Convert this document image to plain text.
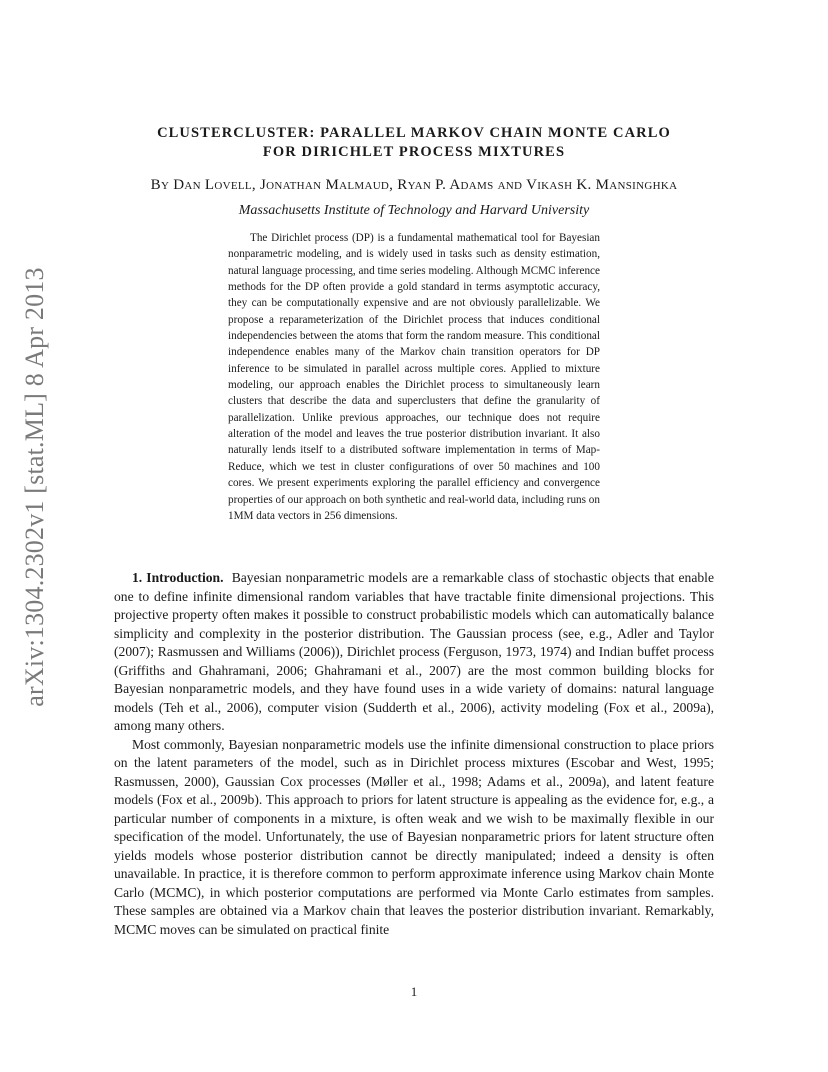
arXiv:1304.2302v1 [stat.ML] 8 Apr 2013
CLUSTERCLUSTER: PARALLEL MARKOV CHAIN MONTE CARLO
FOR DIRICHLET PROCESS MIXTURES
By Dan Lovell, Jonathan Malmaud, Ryan P. Adams and Vikash K. Mansinghka
Massachusetts Institute of Technology and Harvard University

The Dirichlet process (DP) is a fundamental mathematical tool for Bayesian nonparametric modeling, and is widely used in tasks such as density estimation, natural language processing, and time series modeling. Although MCMC inference methods for the DP often provide a gold standard in terms asymptotic accuracy, they can be computationally expensive and are not obviously parallelizable. We propose a reparameterization of the Dirichlet process that induces conditional independencies between the atoms that form the random measure. This conditional independence enables many of the Markov chain transition operators for DP inference to be simulated in parallel across multiple cores. Applied to mixture modeling, our approach enables the Dirichlet process to simultaneously learn clusters that describe the data and superclusters that define the granularity of parallelization. Unlike previous approaches, our technique does not require alteration of the model and leaves the true posterior distribution invariant. It also naturally lends itself to a distributed software implementation in terms of Map-Reduce, which we test in cluster configurations of over 50 machines and 100 cores. We present experiments exploring the parallel efficiency and convergence properties of our approach on both synthetic and real-world data, including runs on 1MM data vectors in 256 dimensions.

1. Introduction. Bayesian nonparametric models are a remarkable class of stochastic objects that enable one to define infinite dimensional random variables that have tractable finite dimensional projections. This projective property often makes it possible to construct probabilistic models which can automatically balance simplicity and complexity in the posterior distribution. The Gaussian process (see, e.g., Adler and Taylor (2007); Rasmussen and Williams (2006)), Dirichlet process (Ferguson, 1973, 1974) and Indian buffet process (Griffiths and Ghahramani, 2006; Ghahramani et al., 2007) are the most common building blocks for Bayesian nonparametric models, and they have found uses in a wide variety of domains: natural language models (Teh et al., 2006), computer vision (Sudderth et al., 2006), activity modeling (Fox et al., 2009a), among many others.

Most commonly, Bayesian nonparametric models use the infinite dimensional construction to place priors on the latent parameters of the model, such as in Dirichlet process mixtures (Escobar and West, 1995; Rasmussen, 2000), Gaussian Cox processes (Møller et al., 1998; Adams et al., 2009a), and latent feature models (Fox et al., 2009b). This approach to priors for latent structure is appealing as the evidence for, e.g., a particular number of components in a mixture, is often weak and we wish to be maximally flexible in our specification of the model. Unfortunately, the use of Bayesian nonparametric priors for latent structure often yields models whose posterior distribution cannot be directly manipulated; indeed a density is often unavailable. In practice, it is therefore common to perform approximate inference using Markov chain Monte Carlo (MCMC), in which posterior computations are performed via Monte Carlo estimates from samples. These samples are obtained via a Markov chain that leaves the posterior distribution invariant. Remarkably, MCMC moves can be simulated on practical finite

1
